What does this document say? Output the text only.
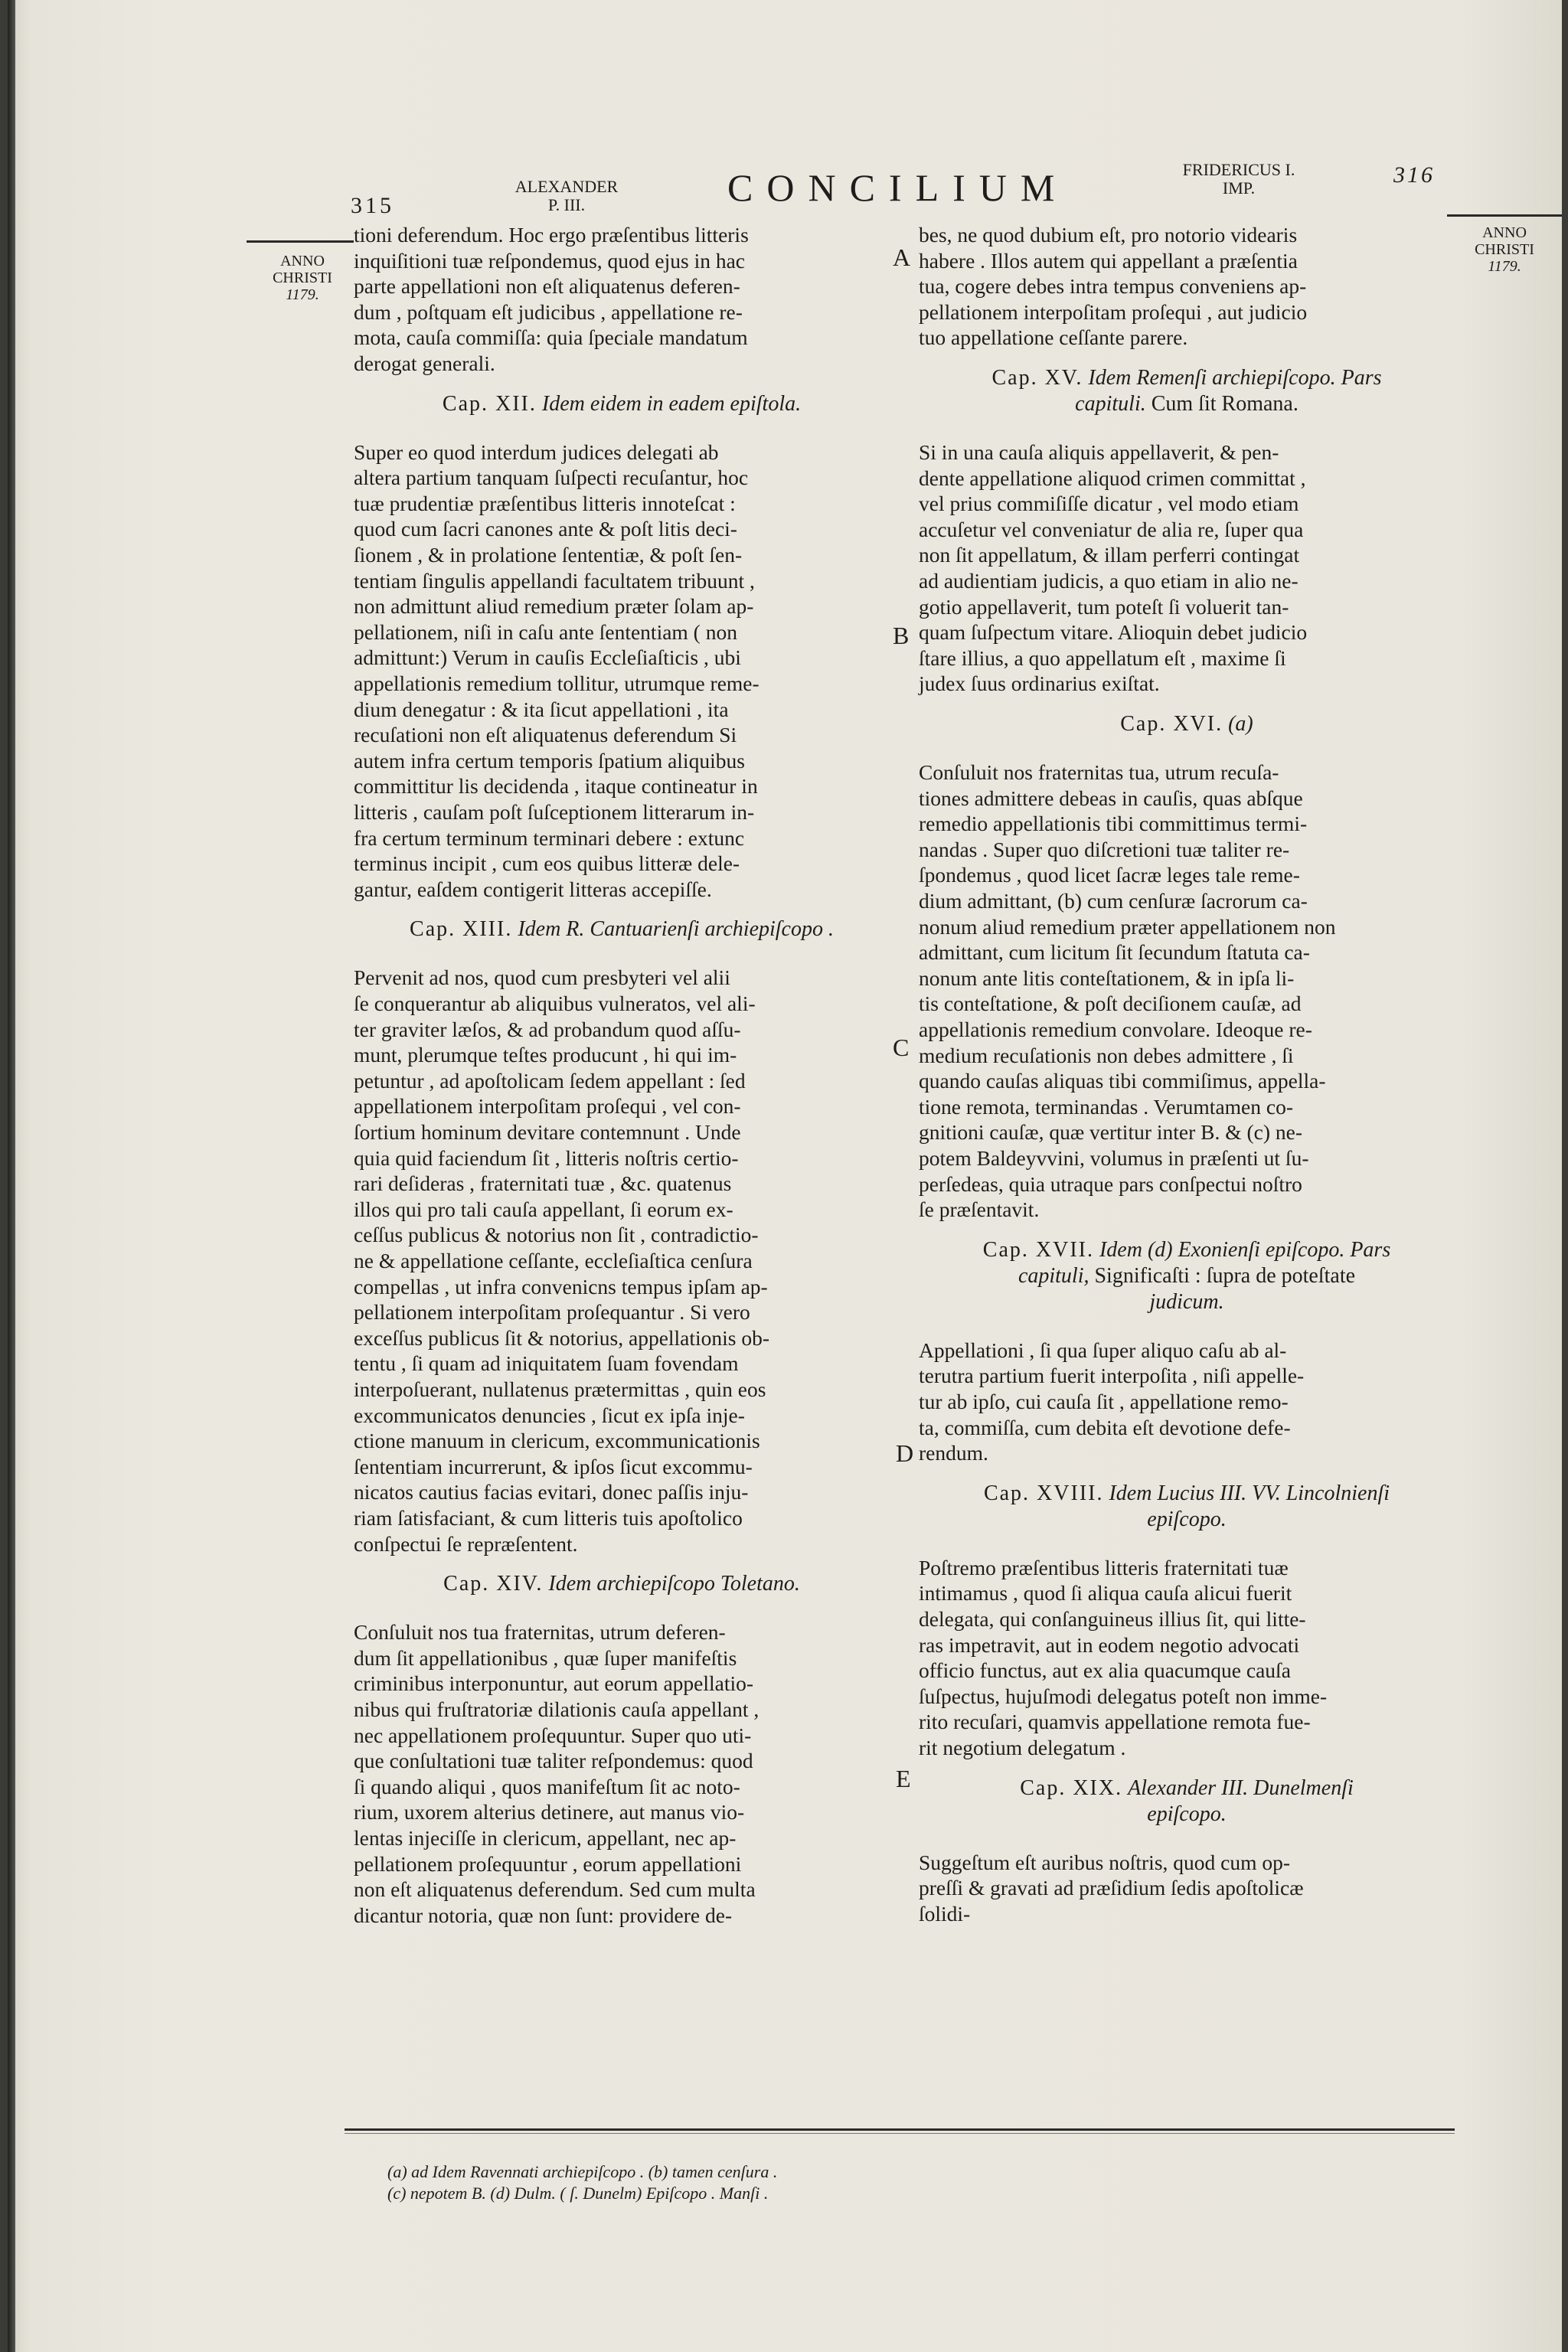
315
ALEXANDER
P. III.	CONCILIUM	FRIDERICUS I.
IMP.
316
ANNO
CHRISTI
1179.
ANNO
CHRISTI
1179.
tioni deferendum. Hoc ergo præſentibus litteris
inquiſitioni tuæ reſpondemus, quod ejus in hac
parte appellationi non eſt aliquatenus deferen-
dum , poſtquam eſt judicibus , appellatione re-
mota, cauſa commiſſa: quia ſpeciale mandatum
derogat generali.
Cap. XII. Idem eidem in eadem epiſtola.
Super eo quod interdum judices delegati ab
altera partium tanquam ſuſpecti recuſantur, hoc
tuæ prudentiæ præſentibus litteris innoteſcat :
quod cum ſacri canones ante & poſt litis deci-
ſionem , & in prolatione ſententiæ, & poſt ſen-
tentiam ſingulis appellandi facultatem tribuunt ,
non admittunt aliud remedium præter ſolam ap-
pellationem, niſi in caſu ante ſententiam ( non
admittunt:) Verum in cauſis Eccleſiaſticis , ubi
appellationis remedium tollitur, utrumque reme-
dium denegatur : & ita ſicut appellationi , ita
recuſationi non eſt aliquatenus deferendum Si
autem infra certum temporis ſpatium aliquibus
committitur lis decidenda , itaque contineatur in
litteris , cauſam poſt ſuſceptionem litterarum in-
fra certum terminum terminari debere : extunc
terminus incipit , cum eos quibus litteræ dele-
gantur, eaſdem contigerit litteras accepiſſe.
Cap. XIII. Idem R. Cantuarienſi archiepiſcopo .
Pervenit ad nos, quod cum presbyteri vel alii
ſe conquerantur ab aliquibus vulneratos, vel ali-
ter graviter læſos, & ad probandum quod aſſu-
munt, plerumque teſtes producunt , hi qui im-
petuntur , ad apoſtolicam ſedem appellant : ſed
appellationem interpoſitam proſequi , vel con-
ſortium hominum devitare contemnunt . Unde
quia quid faciendum ſit , litteris noſtris certio-
rari deſideras , fraternitati tuæ , &c. quatenus
illos qui pro tali cauſa appellant, ſi eorum ex-
ceſſus publicus & notorius non ſit , contradictio-
ne & appellatione ceſſante, eccleſiaſtica cenſura
compellas , ut infra convenicns tempus ipſam ap-
pellationem interpoſitam proſequantur . Si vero
exceſſus publicus ſit & notorius, appellationis ob-
tentu , ſi quam ad iniquitatem ſuam fovendam
interpoſuerant, nullatenus prætermittas , quin eos
excommunicatos denuncies , ſicut ex ipſa inje-
ctione manuum in clericum, excommunicationis
ſententiam incurrerunt, & ipſos ſicut excommu-
nicatos cautius facias evitari, donec paſſis inju-
riam ſatisfaciant, & cum litteris tuis apoſtolico
conſpectui ſe repræſentent.
Cap. XIV. Idem archiepiſcopo Toletano.
Conſuluit nos tua fraternitas, utrum deferen-
dum ſit appellationibus , quæ ſuper manifeſtis
criminibus interponuntur, aut eorum appellatio-
nibus qui fruſtratoriæ dilationis cauſa appellant ,
nec appellationem proſequuntur. Super quo uti-
que conſultationi tuæ taliter reſpondemus: quod
ſi quando aliqui , quos manifeſtum ſit ac noto-
rium, uxorem alterius detinere, aut manus vio-
lentas injeciſſe in clericum, appellant, nec ap-
pellationem proſequuntur , eorum appellationi
non eſt aliquatenus deferendum. Sed cum multa
dicantur notoria, quæ non ſunt: providere de-
bes, ne quod dubium eſt, pro notorio videaris
habere . Illos autem qui appellant a præſentia
tua, cogere debes intra tempus conveniens ap-
pellationem interpoſitam proſequi , aut judicio
tuo appellatione ceſſante parere.
Cap. XV. Idem Remenſi archiepiſcopo. Pars
capituli. Cum ſit Romana.
Si in una cauſa aliquis appellaverit, & pen-
dente appellatione aliquod crimen committat ,
vel prius commiſiſſe dicatur , vel modo etiam
accuſetur vel conveniatur de alia re, ſuper qua
non ſit appellatum, & illam perferri contingat
ad audientiam judicis, a quo etiam in alio ne-
gotio appellaverit, tum poteſt ſi voluerit tan-
quam ſuſpectum vitare. Alioquin debet judicio
ſtare illius, a quo appellatum eſt , maxime ſi
judex ſuus ordinarius exiſtat.
Cap. XVI. (a)
Conſuluit nos fraternitas tua, utrum recuſa-
tiones admittere debeas in cauſis, quas abſque
remedio appellationis tibi committimus termi-
nandas . Super quo diſcretioni tuæ taliter re-
ſpondemus , quod licet ſacræ leges tale reme-
dium admittant, (b) cum cenſuræ ſacrorum ca-
nonum aliud remedium præter appellationem non
admittant, cum licitum ſit ſecundum ſtatuta ca-
nonum ante litis conteſtationem, & in ipſa li-
tis conteſtatione, & poſt deciſionem cauſæ, ad
appellationis remedium convolare. Ideoque re-
medium recuſationis non debes admittere , ſi
quando cauſas aliquas tibi commiſimus, appella-
tione remota, terminandas . Verumtamen co-
gnitioni cauſæ, quæ vertitur inter B. & (c) ne-
potem Baldeyvvini, volumus in præſenti ut ſu-
perſedeas, quia utraque pars conſpectui noſtro
ſe præſentavit.
Cap. XVII. Idem (d) Exonienſi epiſcopo. Pars
capituli, Significaſti : ſupra de poteſtate
judicum.
Appellationi , ſi qua ſuper aliquo caſu ab al-
terutra partium fuerit interpoſita , niſi appelle-
tur ab ipſo, cui cauſa ſit , appellatione remo-
ta, commiſſa, cum debita eſt devotione defe-
rendum.
Cap. XVIII. Idem Lucius III. VV. Lincolnienſi
epiſcopo.
Poſtremo præſentibus litteris fraternitati tuæ
intimamus , quod ſi aliqua cauſa alicui fuerit
delegata, qui conſanguineus illius ſit, qui litte-
ras impetravit, aut in eodem negotio advocati
officio functus, aut ex alia quacumque cauſa
ſuſpectus, hujuſmodi delegatus poteſt non imme-
rito recuſari, quamvis appellatione remota fue-
rit negotium delegatum .
Cap. XIX. Alexander III. Dunelmenſi
epiſcopo.
Suggeſtum eſt auribus noſtris, quod cum op-
preſſi & gravati ad præſidium ſedis apoſtolicæ
ſolidi-
A
B
C
D
E
(a) ad Idem Ravennati archiepiſcopo . (b) tamen cenſura .
(c) nepotem B. (d) Dulm. ( ſ. Dunelm) Epiſcopo . Manſi .
